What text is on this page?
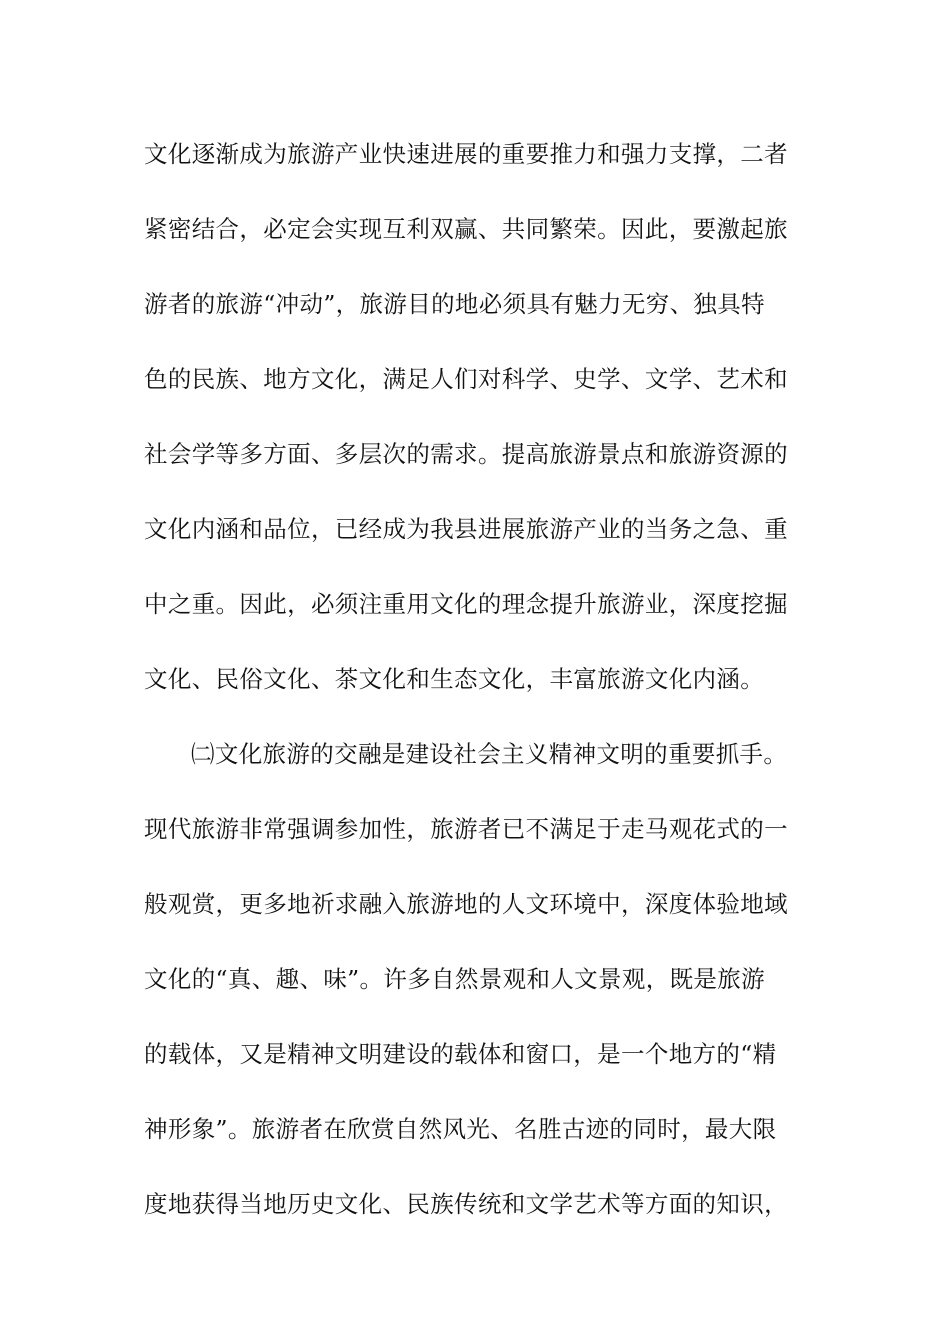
文化逐渐成为旅游产业快速进展的重要推力和强力支撑，二者
紧密结合，必定会实现互利双赢、共同繁荣。因此，要激起旅
游者的旅游“冲动”，旅游目的地必须具有魅力无穷、独具特
色的民族、地方文化，满足人们对科学、史学、文学、艺术和
社会学等多方面、多层次的需求。提高旅游景点和旅游资源的
文化内涵和品位，已经成为我县进展旅游产业的当务之急、重
中之重。因此，必须注重用文化的理念提升旅游业，深度挖掘
文化、民俗文化、茶文化和生态文化，丰富旅游文化内涵。
㈡文化旅游的交融是建设社会主义精神文明的重要抓手。
现代旅游非常强调参加性，旅游者已不满足于走马观花式的一
般观赏，更多地祈求融入旅游地的人文环境中，深度体验地域
文化的“真、趣、味”。许多自然景观和人文景观，既是旅游
的载体，又是精神文明建设的载体和窗口，是一个地方的“精
神形象”。旅游者在欣赏自然风光、名胜古迹的同时，最大限
度地获得当地历史文化、民族传统和文学艺术等方面的知识，
